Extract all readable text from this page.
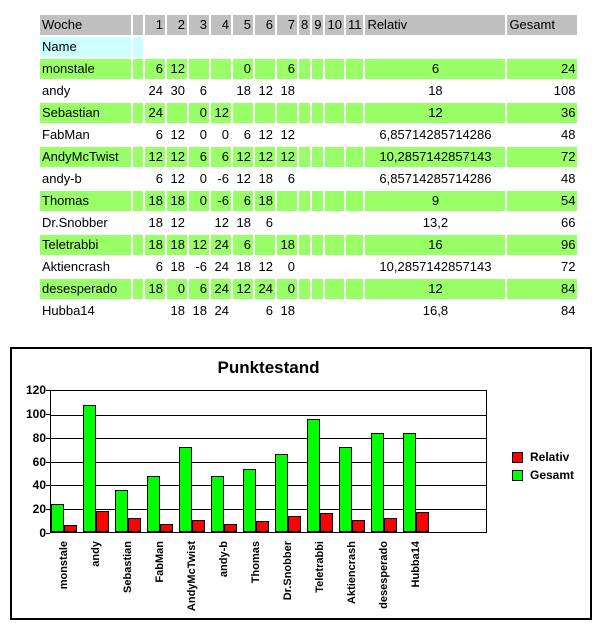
Woche		1	2	3	4	5	6	7	8	9	10	11	Relativ	Gesamt
Name														
monstale		6	12			0		6					6	24
andy		24	30	6		18	12	18					18	108
Sebastian		24		0	12								12	36
FabMan		6	12	0	0	6	12	12					6,85714285714286	48
AndyMcTwist		12	12	6	6	12	12	12					10,2857142857143	72
andy-b		6	12	0	-6	12	18	6					6,85714285714286	48
Thomas		18	18	0	-6	6	18						9	54
Dr.Snobber		18	12		12	18	6						13,2	66
Teletrabbi		18	18	12	24	6		18					16	96
Aktiencrash		6	18	-6	24	18	12	0					10,2857142857143	72
desesperado		18	0	6	24	12	24	0					12	84
Hubba14			18	18	24		6	18					16,8	84
Punktestand
0
20
40
60
80
100
120
monstale andy Sebastian FabMan AndyMcTwist andy-b Thomas Dr.Snobber Teletrabbi Aktiencrash desesperado Hubba14
Relativ
Gesamt
